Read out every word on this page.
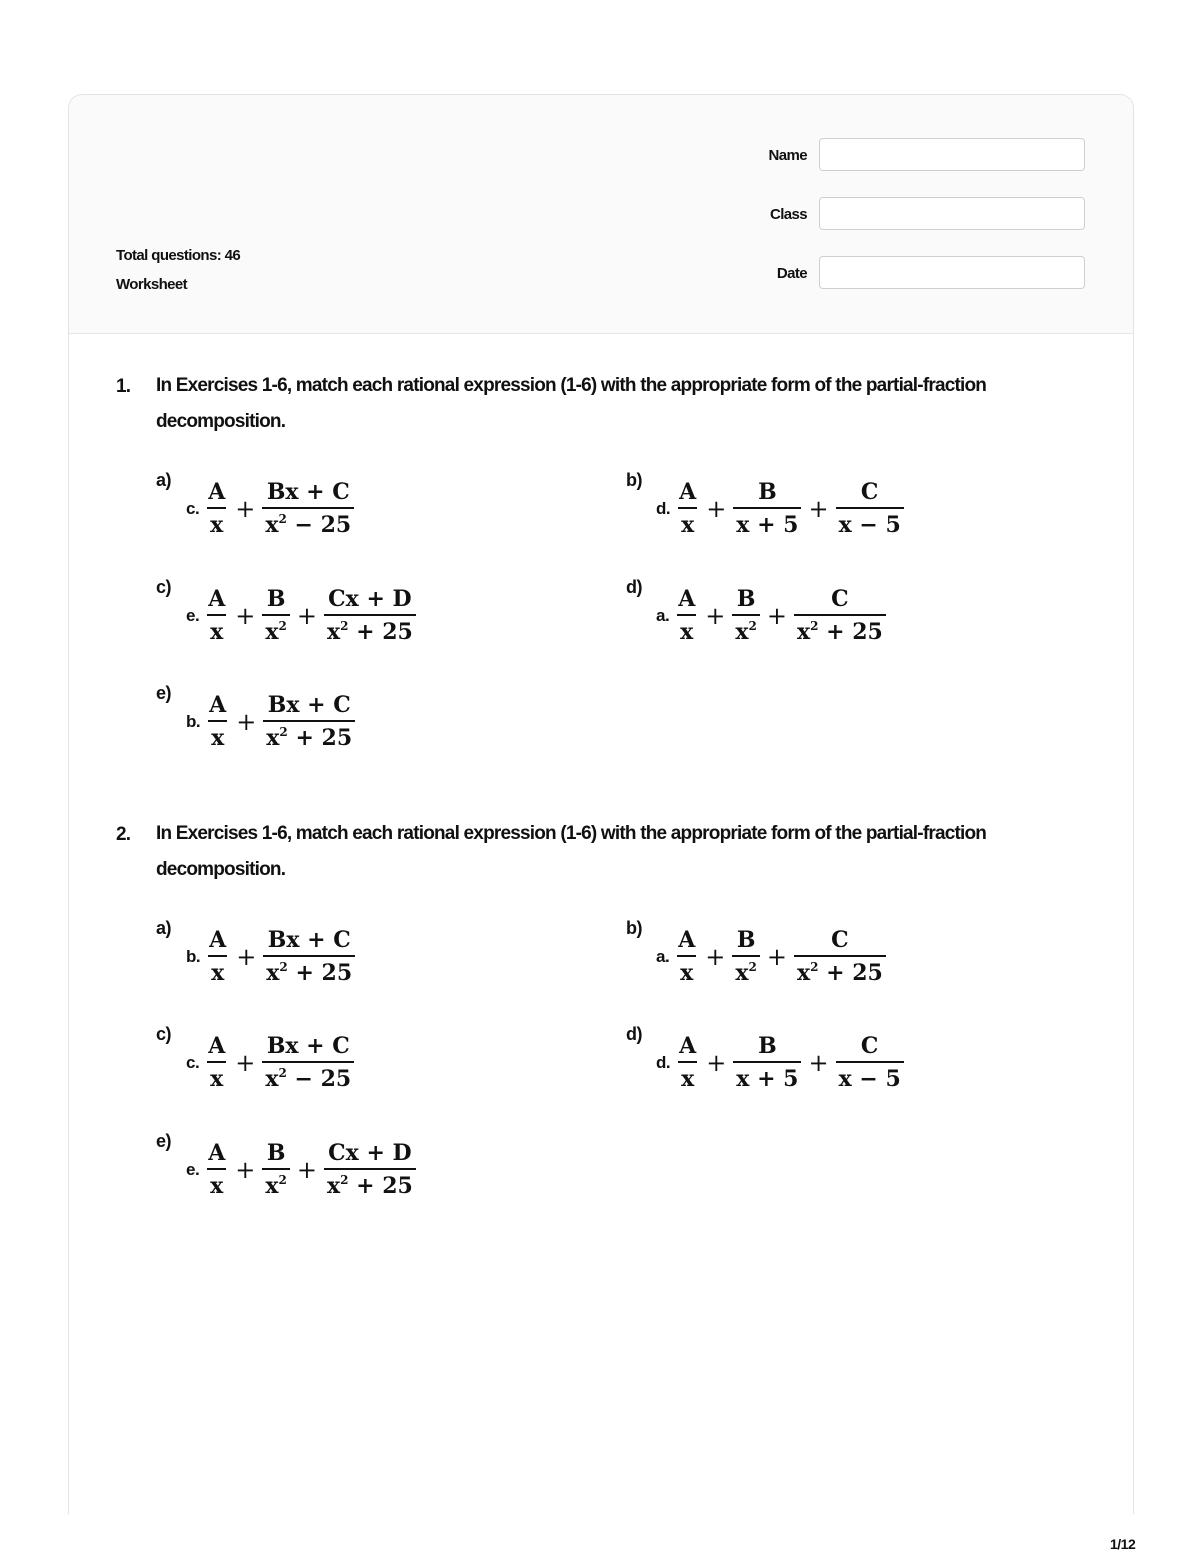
Total questions: 46
Worksheet
Name
Class
Date
1. In Exercises 1-6, match each rational expression (1-6) with the appropriate form of the partial-fraction decomposition.
a)
c. $\frac{A}{x} + \frac{Bx + C}{x^2 - 25}$	b)
d. $\frac{A}{x} + \frac{B}{x + 5} + \frac{C}{x - 5}$
c)
e. $\frac{A}{x} + \frac{B}{x^2} + \frac{Cx + D}{x^2 + 25}$	d)
a. $\frac{A}{x} + \frac{B}{x^2} + \frac{C}{x^2 + 25}$
e)
b. $\frac{A}{x} + \frac{Bx + C}{x^2 + 25}$
2. In Exercises 1-6, match each rational expression (1-6) with the appropriate form of the partial-fraction decomposition.
a)
b. $\frac{A}{x} + \frac{Bx + C}{x^2 + 25}$	b)
a. $\frac{A}{x} + \frac{B}{x^2} + \frac{C}{x^2 + 25}$
c)
c. $\frac{A}{x} + \frac{Bx + C}{x^2 - 25}$	d)
d. $\frac{A}{x} + \frac{B}{x + 5} + \frac{C}{x - 5}$
e)
e. $\frac{A}{x} + \frac{B}{x^2} + \frac{Cx + D}{x^2 + 25}$
1/12
